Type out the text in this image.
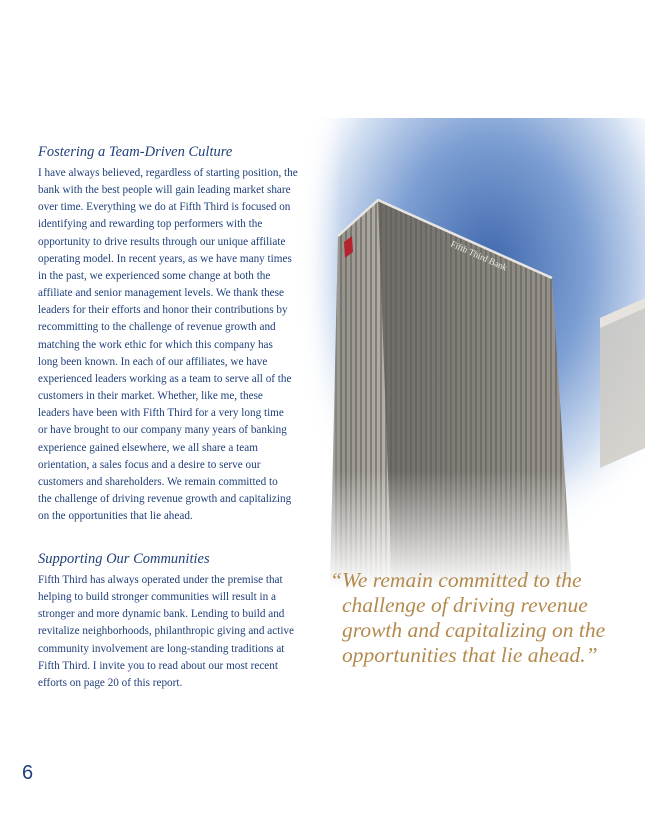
Fostering a Team-Driven Culture

I have always believed, regardless of starting position, the
bank with the best people will gain leading market share
over time. Everything we do at Fifth Third is focused on
identifying and rewarding top performers with the
opportunity to drive results through our unique affiliate
operating model. In recent years, as we have many times
in the past, we experienced some change at both the
affiliate and senior management levels. We thank these
leaders for their efforts and honor their contributions by
recommitting to the challenge of revenue growth and
matching the work ethic for which this company has
long been known. In each of our affiliates, we have
experienced leaders working as a team to serve all of the
customers in their market. Whether, like me, these
leaders have been with Fifth Third for a very long time
or have brought to our company many years of banking
experience gained elsewhere, we all share a team
orientation, a sales focus and a desire to serve our
customers and shareholders. We remain committed to
the challenge of driving revenue growth and capitalizing
on the opportunities that lie ahead.

Supporting Our Communities

Fifth Third has always operated under the premise that
helping to build stronger communities will result in a
stronger and more dynamic bank. Lending to build and
revitalize neighborhoods, philanthropic giving and active
community involvement are long-standing traditions at
Fifth Third. I invite you to read about our most recent
efforts on page 20 of this report.

“We remain committed to the
challenge of driving revenue
growth and capitalizing on the
opportunities that lie ahead.”

6
